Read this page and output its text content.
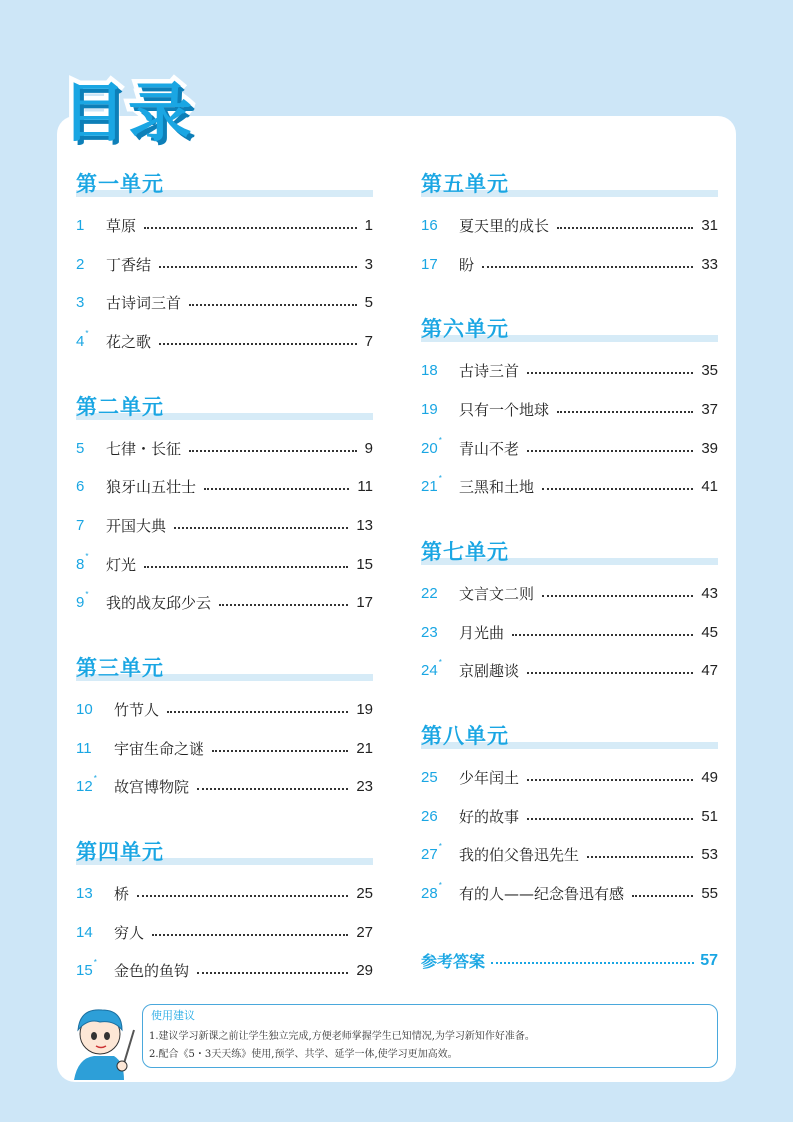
目录
第一单元
1	草原	1
2	丁香结	3
3	古诗词三首	5
4*	花之歌	7
第二单元
5	七律・长征	9
6	狼牙山五壮士	11
7	开国大典	13
8*	灯光	15
9*	我的战友邱少云	17
第三单元
10	竹节人	19
11	宇宙生命之谜	21
12*	故宫博物院	23
第四单元
13	桥	25
14	穷人	27
15*	金色的鱼钩	29
第五单元
16	夏天里的成长	31
17	盼	33
第六单元
18	古诗三首	35
19	只有一个地球	37
20*	青山不老	39
21*	三黑和土地	41
第七单元
22	文言文二则	43
23	月光曲	45
24*	京剧趣谈	47
第八单元
25	少年闰土	49
26	好的故事	51
27*	我的伯父鲁迅先生	53
28*	有的人——纪念鲁迅有感	55
参考答案	57
使用建议
1.建议学习新课之前让学生独立完成,方便老师掌握学生已知情况,为学习新知作好准备。
2.配合《5・3天天练》使用,预学、共学、延学一体,使学习更加高效。
